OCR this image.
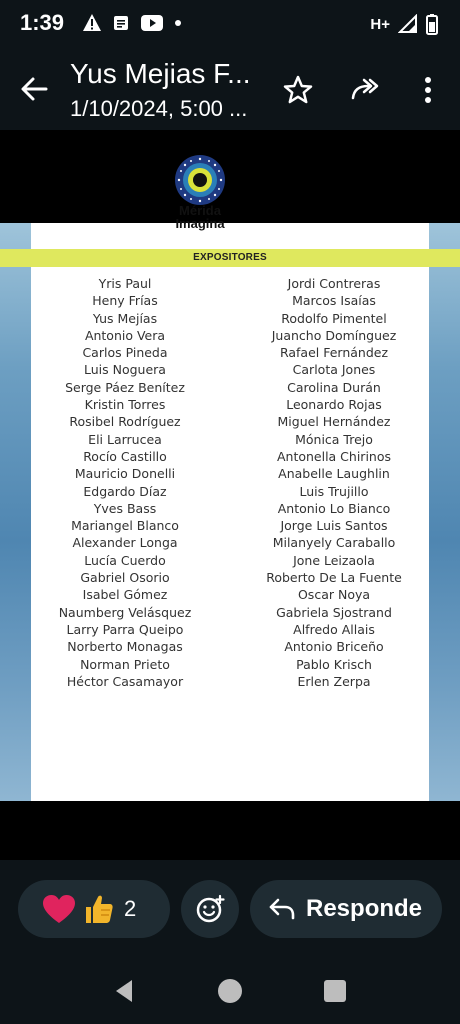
1:39	H+
Yus Mejias F...
1/10/2024, 5:00 ...
Mérida
Imagina
EXPOSITORES
Yris Paul
Heny Frías
Yus Mejías
Antonio Vera
Carlos Pineda
Luis Noguera
Serge Páez Benítez
Kristin Torres
Rosibel Rodríguez
Eli Larrucea
Rocío Castillo
Mauricio Donelli
Edgardo Díaz
Yves Bass
Mariangel Blanco
Alexander Longa
Lucía Cuerdo
Gabriel Osorio
Isabel Gómez
Naumberg Velásquez
Larry Parra Queipo
Norberto Monagas
Norman Prieto
Héctor Casamayor
Jordi Contreras
Marcos Isaías
Rodolfo Pimentel
Juancho Domínguez
Rafael Fernández
Carlota Jones
Carolina Durán
Leonardo Rojas
Miguel Hernández
Mónica Trejo
Antonella Chirinos
Anabelle Laughlin
Luis Trujillo
Antonio Lo Bianco
Jorge Luis Santos
Milanyely Caraballo
Jone Leizaola
Roberto De La Fuente
Oscar Noya
Gabriela Sjostrand
Alfredo Allais
Antonio Briceño
Pablo Krisch
Erlen Zerpa
2	Responde
